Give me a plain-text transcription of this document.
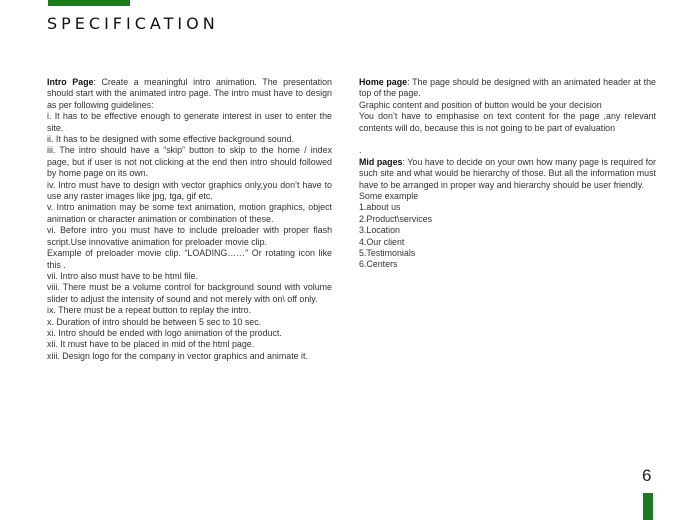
SPECIFICATION

Intro Page: Create a meaningful intro animation. The presentation should start with the animated intro page. The intro must have to design as per following guidelines:

i. It has to be effective enough to generate interest in user to enter the site.

ii. It has to be designed with some effective background sound.

iii. The intro should have a “skip” button to skip to the home / index page, but if user is not not clicking at the end then intro should followed by home page on its own.

iv. Intro must have to design with vector graphics only,you don’t have to use any raster images like jpg, tga, gif etc.

v. Intro animation may be some text animation, motion graphics, object animation or character animation or combination of these.

vi. Before intro you must have to include preloader with proper flash script.Use innovative animation for preloader movie clip.

Example of preloader movie clip. “LOADING……” Or rotating icon like this .

vii. Intro also must have to be html file.

viii. There must be a volume control for background sound with volume slider to adjust the intensity of sound and not merely with on\ off only.

ix. There must be a repeat button to replay the intro.

x. Duration of intro should be between 5 sec to 10 sec.

xi. Intro should be ended with logo animation of the product.

xii. It must have to be placed in mid of the html page.

xiii. Design logo for the company in vector graphics and animate it.

Home page: The page should be designed with an animated header at the top of the page.

Graphic content and position of button would be your decision

You don’t have to emphasise on text content for the page ,any relevant contents will do, because this is not going to be part of evaluation

.

Mid pages: You have to decide on your own how many page is required for such site and what would be hierarchy of those. But all the information must have to be arranged in proper way and hierarchy should be user friendly.

Some example

1.about us

2.Product\services

3.Location

4.Our client

5.Testimonials

6.Centers

6
